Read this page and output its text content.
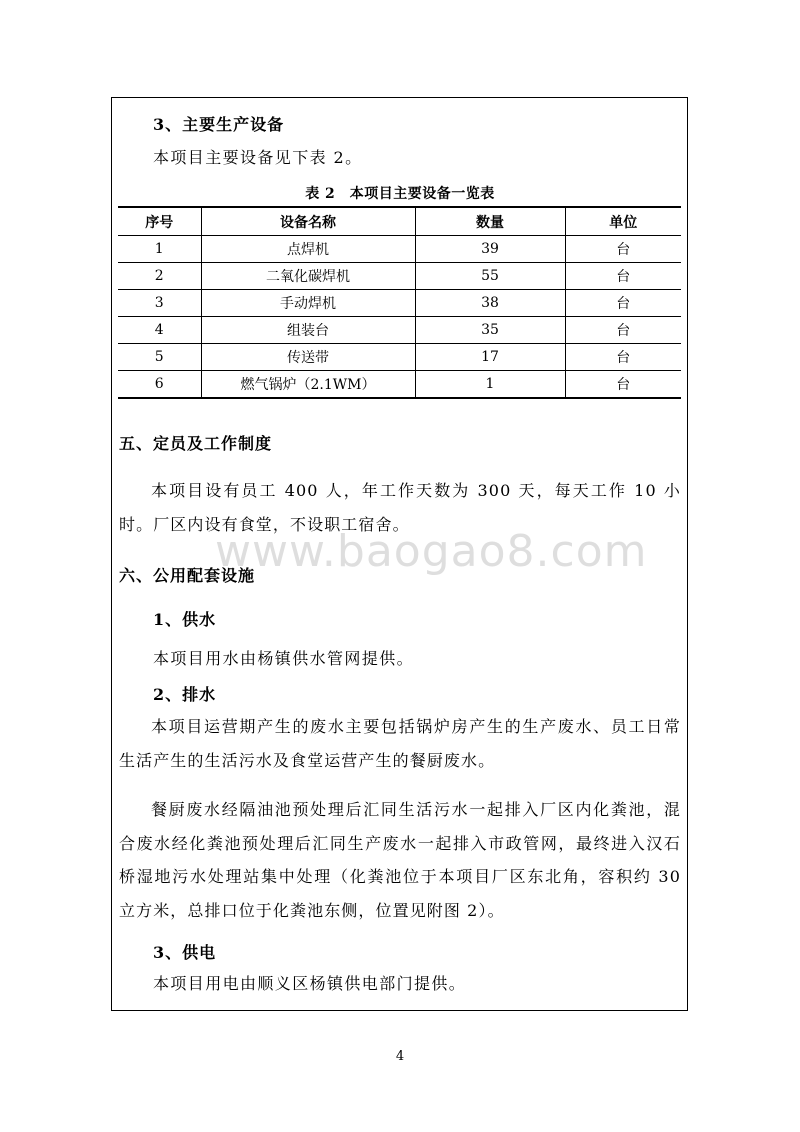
3、主要生产设备
本项目主要设备见下表 2。
表 2　本项目主要设备一览表
序号	设备名称	数量	单位
1	点焊机	39	台
2	二氧化碳焊机	55	台
3	手动焊机	38	台
4	组装台	35	台
5	传送带	17	台
6	燃气锅炉（2.1WM）	1	台
五、定员及工作制度
本项目设有员工 400 人，年工作天数为 300 天，每天工作 10 小时。厂区内设有食堂，不设职工宿舍。
www.baogao8.com
六、公用配套设施
1、供水
本项目用水由杨镇供水管网提供。
2、排水
本项目运营期产生的废水主要包括锅炉房产生的生产废水、员工日常生活产生的生活污水及食堂运营产生的餐厨废水。
餐厨废水经隔油池预处理后汇同生活污水一起排入厂区内化粪池，混合废水经化粪池预处理后汇同生产废水一起排入市政管网，最终进入汉石桥湿地污水处理站集中处理（化粪池位于本项目厂区东北角，容积约 30 立方米，总排口位于化粪池东侧，位置见附图 2）。
3、供电
本项目用电由顺义区杨镇供电部门提供。
4
